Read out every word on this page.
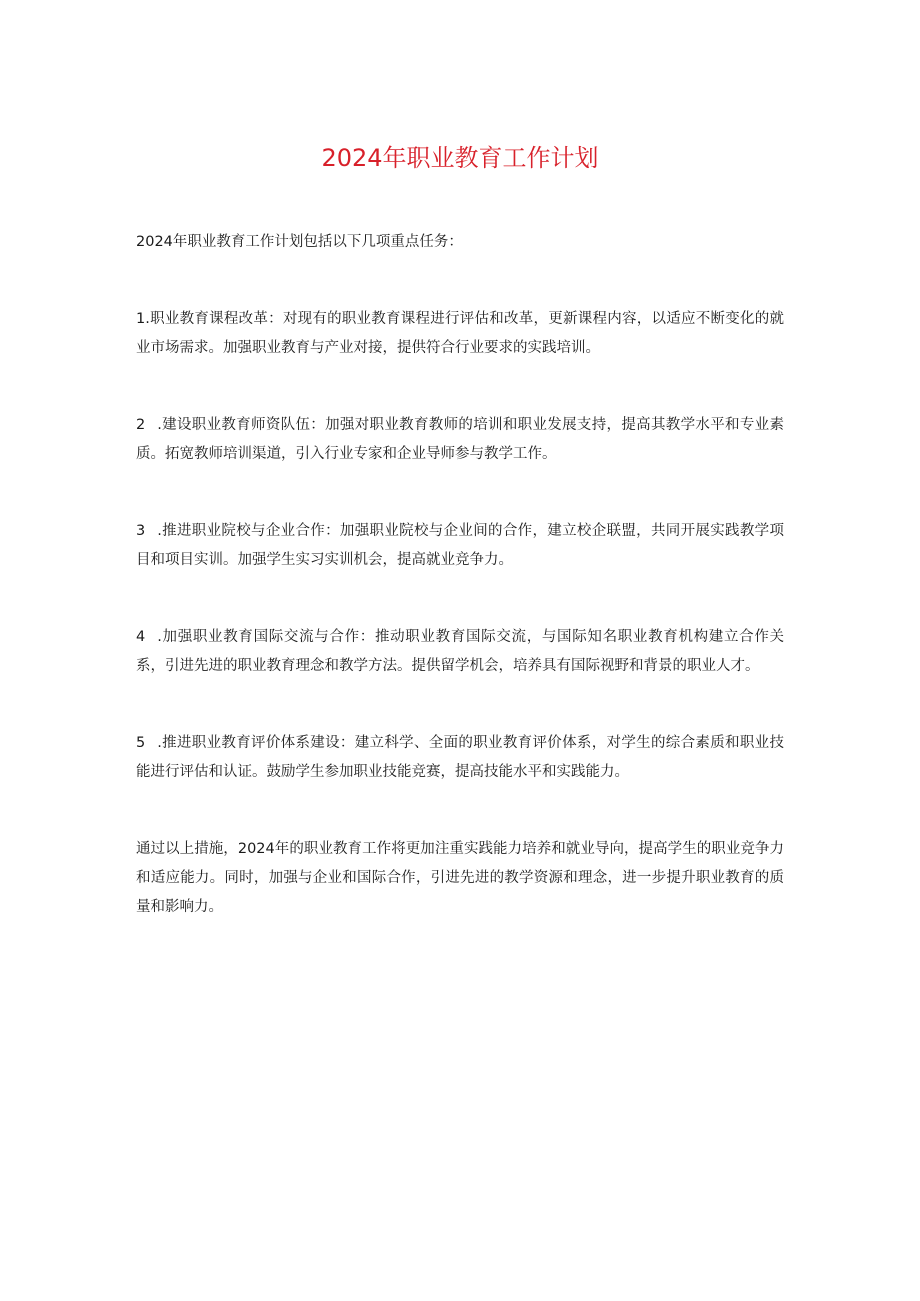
2024年职业教育工作计划

2024年职业教育工作计划包括以下几项重点任务：

1.职业教育课程改革：对现有的职业教育课程进行评估和改革，更新课程内容，以适应不断变化的就业市场需求。加强职业教育与产业对接，提供符合行业要求的实践培训。

2 .建设职业教育师资队伍：加强对职业教育教师的培训和职业发展支持，提高其教学水平和专业素质。拓宽教师培训渠道，引入行业专家和企业导师参与教学工作。

3 .推进职业院校与企业合作：加强职业院校与企业间的合作，建立校企联盟，共同开展实践教学项目和项目实训。加强学生实习实训机会，提高就业竞争力。

4 .加强职业教育国际交流与合作：推动职业教育国际交流，与国际知名职业教育机构建立合作关系，引进先进的职业教育理念和教学方法。提供留学机会，培养具有国际视野和背景的职业人才。

5 .推进职业教育评价体系建设：建立科学、全面的职业教育评价体系，对学生的综合素质和职业技能进行评估和认证。鼓励学生参加职业技能竞赛，提高技能水平和实践能力。

通过以上措施，2024年的职业教育工作将更加注重实践能力培养和就业导向，提高学生的职业竞争力和适应能力。同时，加强与企业和国际合作，引进先进的教学资源和理念，进一步提升职业教育的质量和影响力。
